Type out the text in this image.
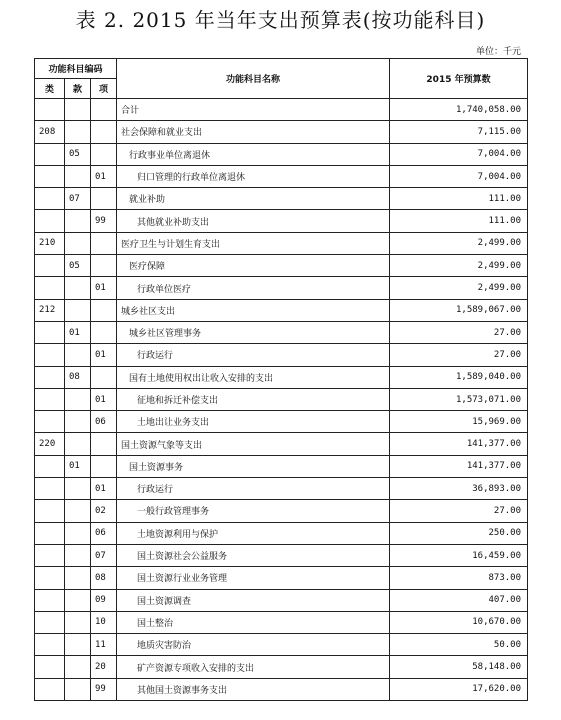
表 2. 2015 年当年支出预算表(按功能科目)
单位：千元
功能科目编码			功能科目名称	2015 年预算数
类	款	项		
			合计	1,740,058.00
208			社会保障和就业支出	7,115.00
	05		行政事业单位离退休	7,004.00
		01	归口管理的行政单位离退休	7,004.00
	07		就业补助	111.00
		99	其他就业补助支出	111.00
210			医疗卫生与计划生育支出	2,499.00
	05		医疗保障	2,499.00
		01	行政单位医疗	2,499.00
212			城乡社区支出	1,589,067.00
	01		城乡社区管理事务	27.00
		01	行政运行	27.00
	08		国有土地使用权出让收入安排的支出	1,589,040.00
		01	征地和拆迁补偿支出	1,573,071.00
		06	土地出让业务支出	15,969.00
220			国土资源气象等支出	141,377.00
	01		国土资源事务	141,377.00
		01	行政运行	36,893.00
		02	一般行政管理事务	27.00
		06	土地资源利用与保护	250.00
		07	国土资源社会公益服务	16,459.00
		08	国土资源行业业务管理	873.00
		09	国土资源调查	407.00
		10	国土整治	10,670.00
		11	地质灾害防治	50.00
		20	矿产资源专项收入安排的支出	58,148.00
		99	其他国土资源事务支出	17,620.00
